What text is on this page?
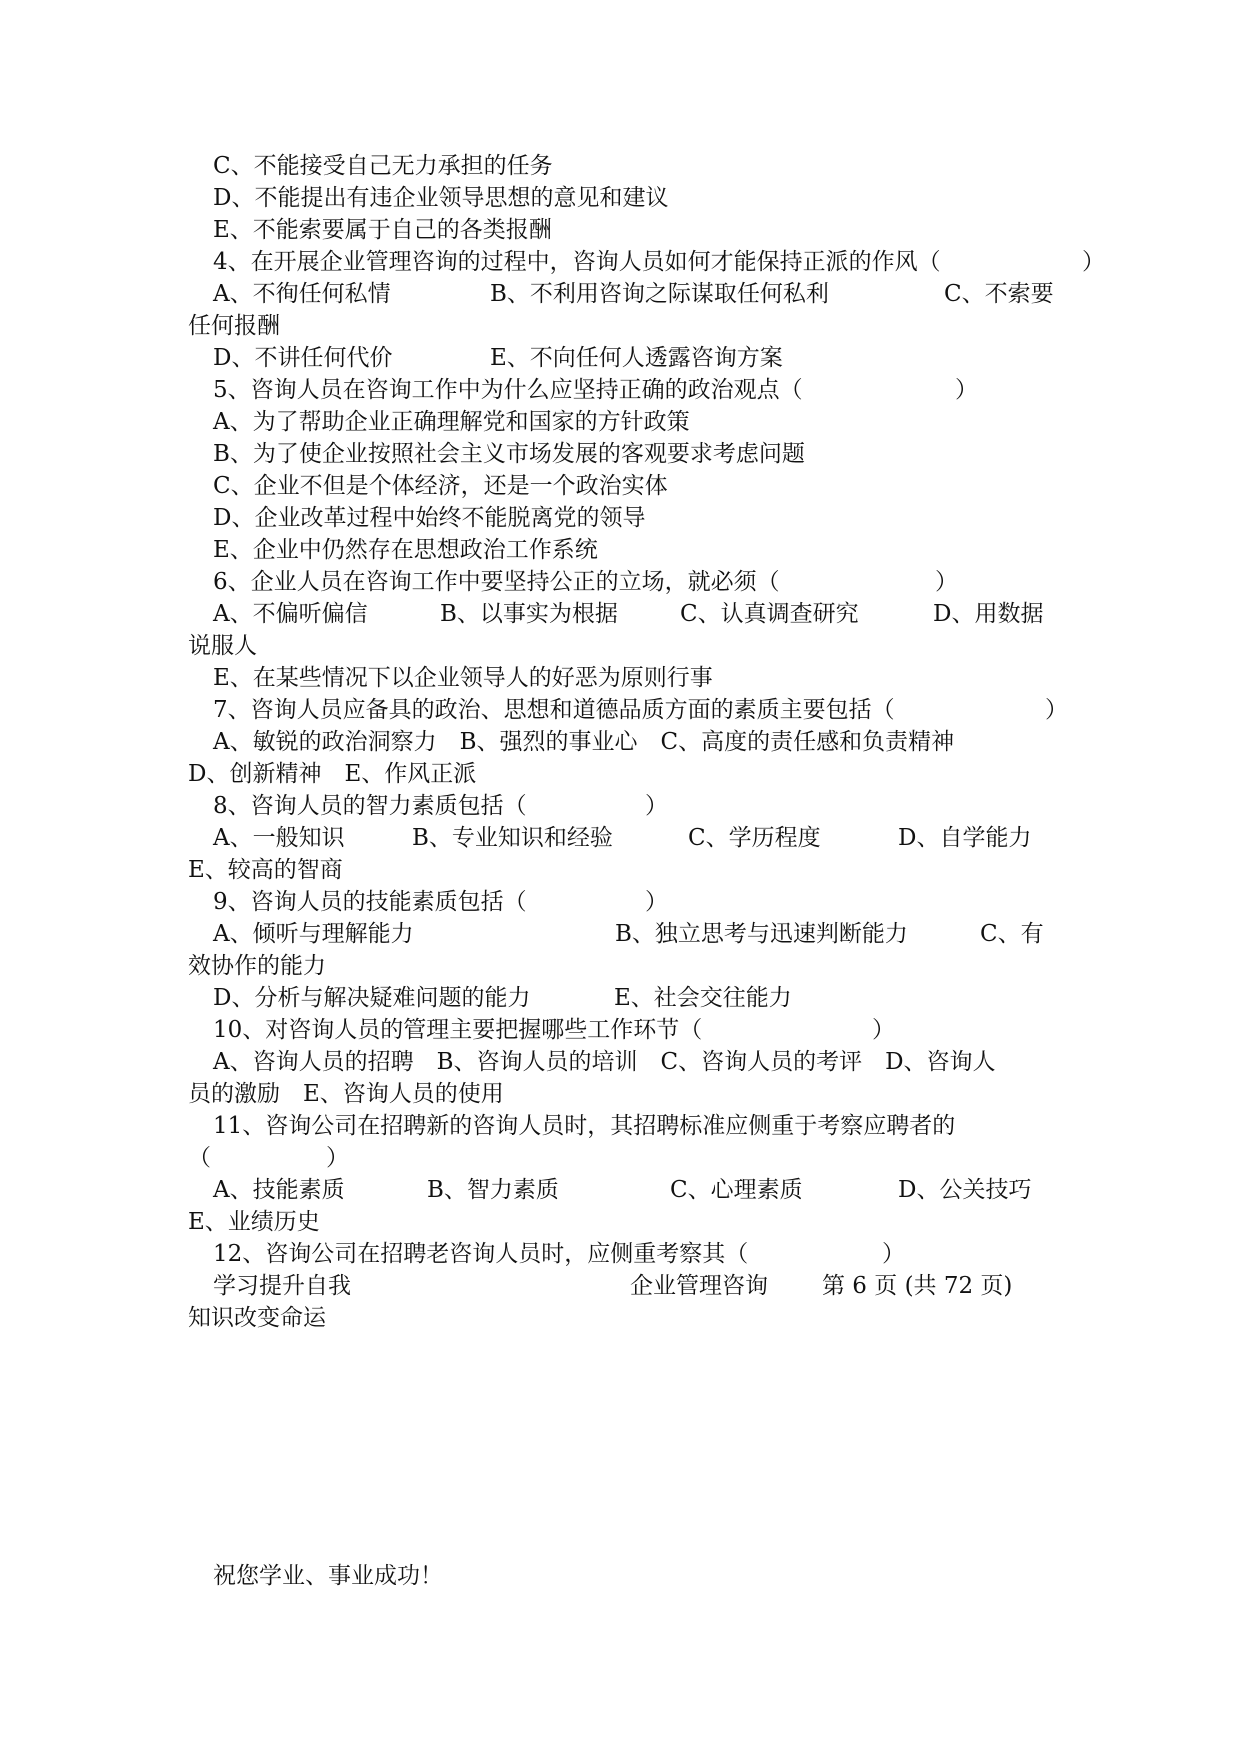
C、不能接受自己无力承担的任务
D、不能提出有违企业领导思想的意见和建议
E、不能索要属于自己的各类报酬
4、在开展企业管理咨询的过程中，咨询人员如何才能保持正派的作风（	）
A、不徇任何私情	B、不利用咨询之际谋取任何私利	C、不索要
任何报酬
D、不讲任何代价	E、不向任何人透露咨询方案
5、咨询人员在咨询工作中为什么应坚持正确的政治观点（	）
A、为了帮助企业正确理解党和国家的方针政策
B、为了使企业按照社会主义市场发展的客观要求考虑问题
C、企业不但是个体经济，还是一个政治实体
D、企业改革过程中始终不能脱离党的领导
E、企业中仍然存在思想政治工作系统
6、企业人员在咨询工作中要坚持公正的立场，就必须（	）
A、不偏听偏信	B、以事实为根据	C、认真调查研究	D、用数据
说服人
E、在某些情况下以企业领导人的好恶为原则行事
7、咨询人员应备具的政治、思想和道德品质方面的素质主要包括（	）
A、敏锐的政治洞察力　B、强烈的事业心　C、高度的责任感和负责精神
D、创新精神　E、作风正派
8、咨询人员的智力素质包括（	）
A、一般知识	B、专业知识和经验	C、学历程度	D、自学能力
E、较高的智商
9、咨询人员的技能素质包括（	）
A、倾听与理解能力	B、独立思考与迅速判断能力	C、有
效协作的能力
D、分析与解决疑难问题的能力	E、社会交往能力
10、对咨询人员的管理主要把握哪些工作环节（	）
A、咨询人员的招聘　B、咨询人员的培训　C、咨询人员的考评　D、咨询人
员的激励　E、咨询人员的使用
11、咨询公司在招聘新的咨询人员时，其招聘标准应侧重于考察应聘者的
（　　　　　）
A、技能素质	B、智力素质	C、心理素质	D、公关技巧
E、业绩历史
12、咨询公司在招聘老咨询人员时，应侧重考察其（	）
学习提升自我	企业管理咨询 第 6 页 (共 72 页)
知识改变命运
祝您学业、事业成功！
